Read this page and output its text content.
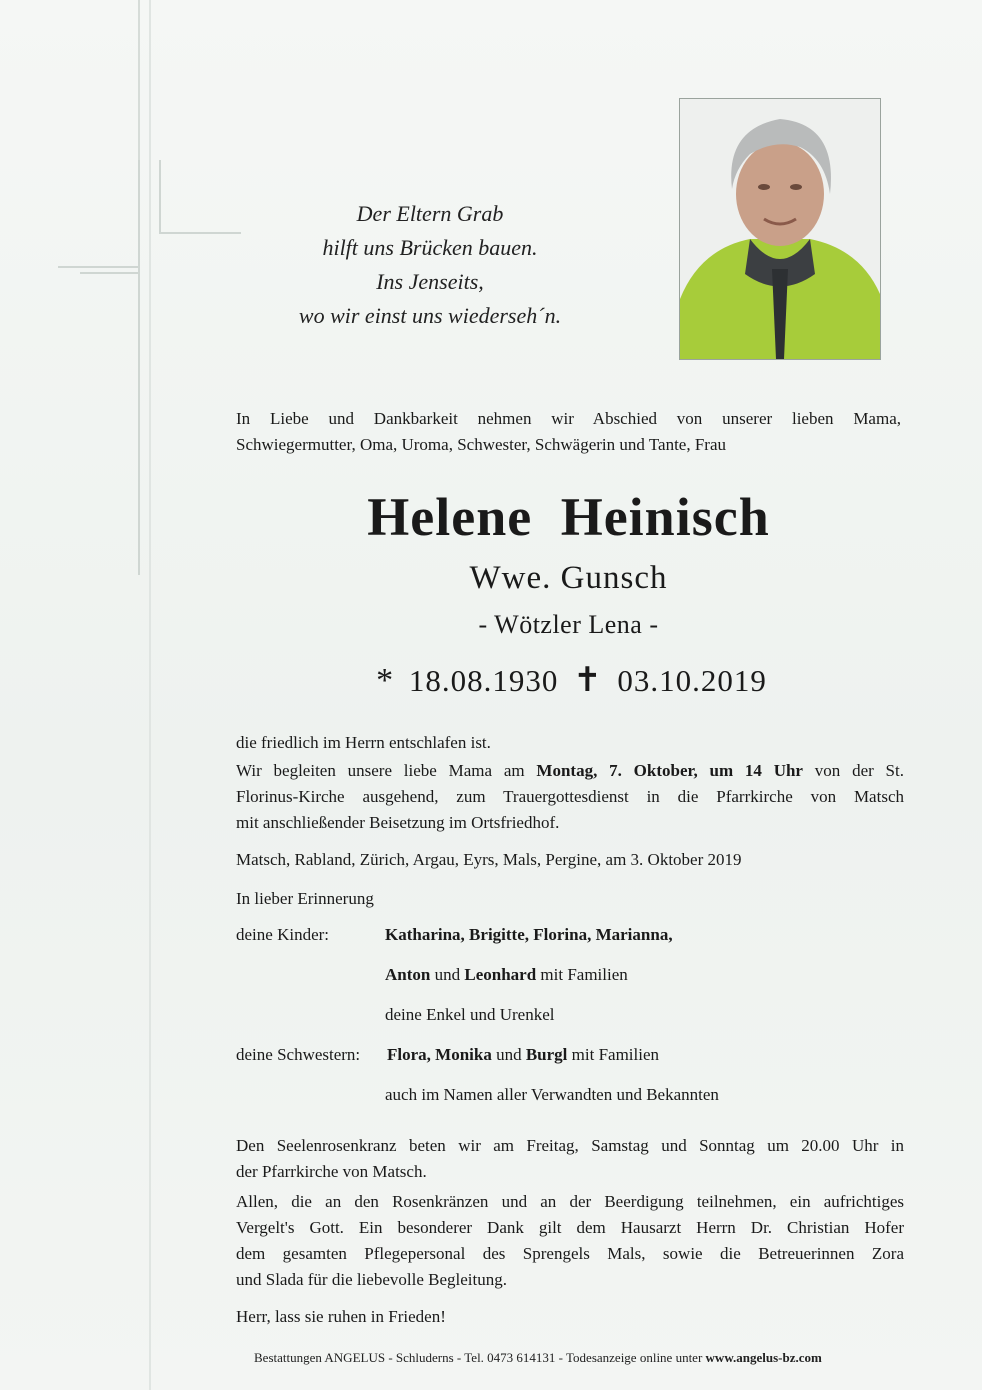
Der Eltern Grab
hilft uns Brücken bauen.
Ins Jenseits,
wo wir einst uns wiederseh´n.
In Liebe und Dankbarkeit nehmen wir Abschied von unserer lieben Mama,
Schwiegermutter, Oma, Uroma, Schwester, Schwägerin und Tante, Frau
Helene Heinisch
Wwe. Gunsch
- Wötzler Lena -
* 18.08.1930 ✝ 03.10.2019
die friedlich im Herrn entschlafen ist.
Wir begleiten unsere liebe Mama am Montag, 7. Oktober, um 14 Uhr von der St.
Florinus-Kirche ausgehend, zum Trauergottesdienst in die Pfarrkirche von Matsch
mit anschließender Beisetzung im Ortsfriedhof.
Matsch, Rabland, Zürich, Argau, Eyrs, Mals, Pergine, am 3. Oktober 2019
In lieber Erinnerung
deine Kinder:	Katharina, Brigitte, Florina, Marianna,
Anton und Leonhard mit Familien
deine Enkel und Urenkel
deine Schwestern: Flora, Monika und Burgl mit Familien
auch im Namen aller Verwandten und Bekannten
Den Seelenrosenkranz beten wir am Freitag, Samstag und Sonntag um 20.00 Uhr in
der Pfarrkirche von Matsch.
Allen, die an den Rosenkränzen und an der Beerdigung teilnehmen, ein aufrichtiges
Vergelt's Gott. Ein besonderer Dank gilt dem Hausarzt Herrn Dr. Christian Hofer
dem gesamten Pflegepersonal des Sprengels Mals, sowie die Betreuerinnen Zora
und Slada für die liebevolle Begleitung.
Herr, lass sie ruhen in Frieden!
Bestattungen ANGELUS - Schluderns - Tel. 0473 614131 - Todesanzeige online unter www.angelus-bz.com
